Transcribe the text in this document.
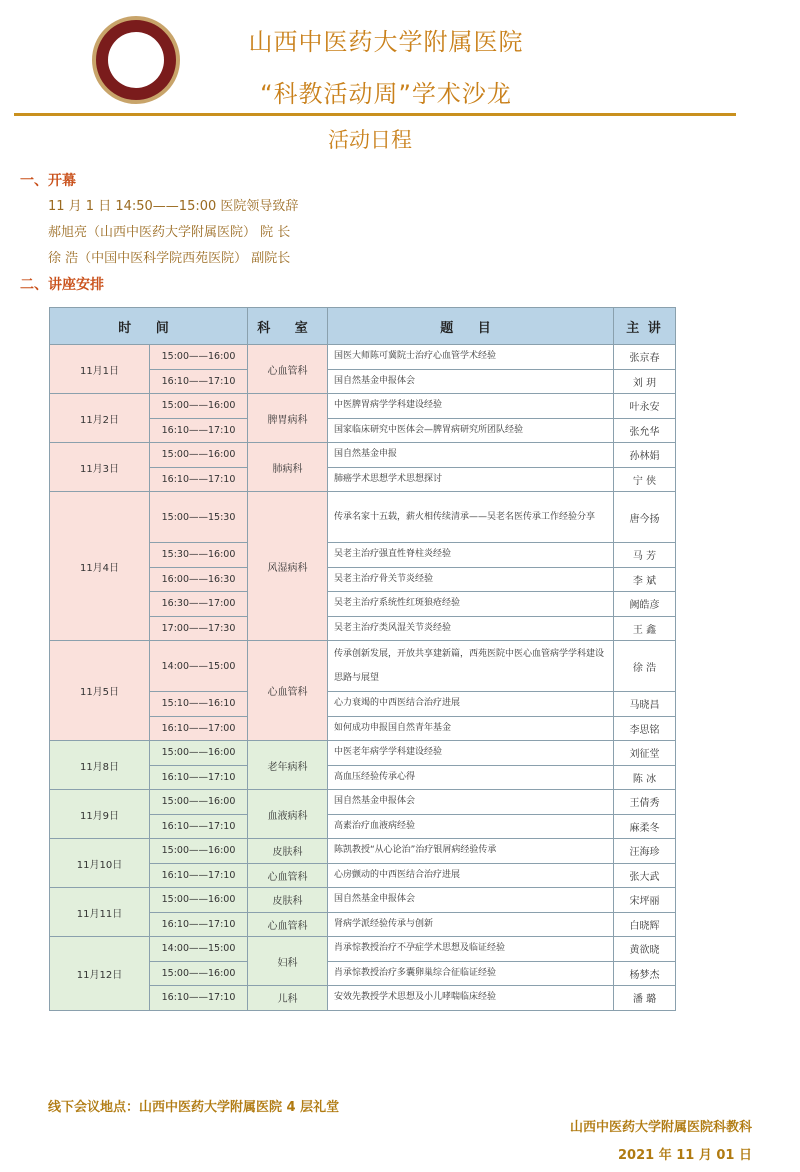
山西中医药大学附属医院
“科教活动周”学术沙龙
活动日程
一、开幕
11 月 1 日 14:50——15:00 医院领导致辞
郝旭亮（山西中医药大学附属医院） 院 长
徐 浩（中国中医科学院西苑医院） 副院长
二、讲座安排
时 间		科 室	题 目	主 讲
11月1日	15:00——16:00	心血管科	国医大师陈可冀院士治疗心血管学术经验	张京春
	16:10——17:10		国自然基金申报体会	刘 玥
11月2日	15:00——16:00	脾胃病科	中医脾胃病学学科建设经验	叶永安
	16:10——17:10		国家临床研究中医体会—脾胃病研究所团队经验	张允华
11月3日	15:00——16:00	肺病科	国自然基金申报	孙林娟
	16:10——17:10		肺癌学术思想学术思想探讨	宁 侠
11月4日	15:00——15:30	风湿病科	传承名家十五载，薪火相传续清承——吴老名医传承工作经验分享	唐今扬
	15:30——16:00		吴老主治疗强直性脊柱炎经验	马 芳
	16:00——16:30		吴老主治疗骨关节炎经验	李 斌
	16:30——17:00		吴老主治疗系统性红斑狼疮经验	阙皓彦
	17:00——17:30		吴老主治疗类风湿关节炎经验	王 鑫
11月5日	14:00——15:00	心血管科	传承创新发展，开放共享建新篇，西苑医院中医心血管病学学科建设思路与展望	徐 浩
	15:10——16:10		心力衰竭的中西医结合治疗进展	马晓昌
	16:10——17:00		如何成功申报国自然青年基金	李思铭
11月8日	15:00——16:00	老年病科	中医老年病学学科建设经验	刘征堂
	16:10——17:10		高血压经验传承心得	陈 冰
11月9日	15:00——16:00	血液病科	国自然基金申报体会	王倩秀
	16:10——17:10		高素治疗血液病经验	麻柔冬
11月10日	15:00——16:00	皮肤科	陈凯教授“从心论治”治疗银屑病经验传承	汪海珍
	16:10——17:10	心血管科	心房颤动的中西医结合治疗进展	张大武
11月11日	15:00——16:00	皮肤科	国自然基金申报体会	宋坪丽
	16:10——17:10	心血管科	肾病学派经验传承与创新	白晓辉
11月12日	14:00——15:00	妇科	肖承悰教授治疗不孕症学术思想及临证经验	黄欲晓
	15:00——16:00		肖承悰教授治疗多囊卵巢综合征临证经验	杨梦杰
	16:10——17:10	儿科	安效先教授学术思想及小儿哮喘临床经验	潘 璐
线下会议地点：山西中医药大学附属医院 4 层礼堂
山西中医药大学附属医院科教科
2021 年 11 月 01 日
